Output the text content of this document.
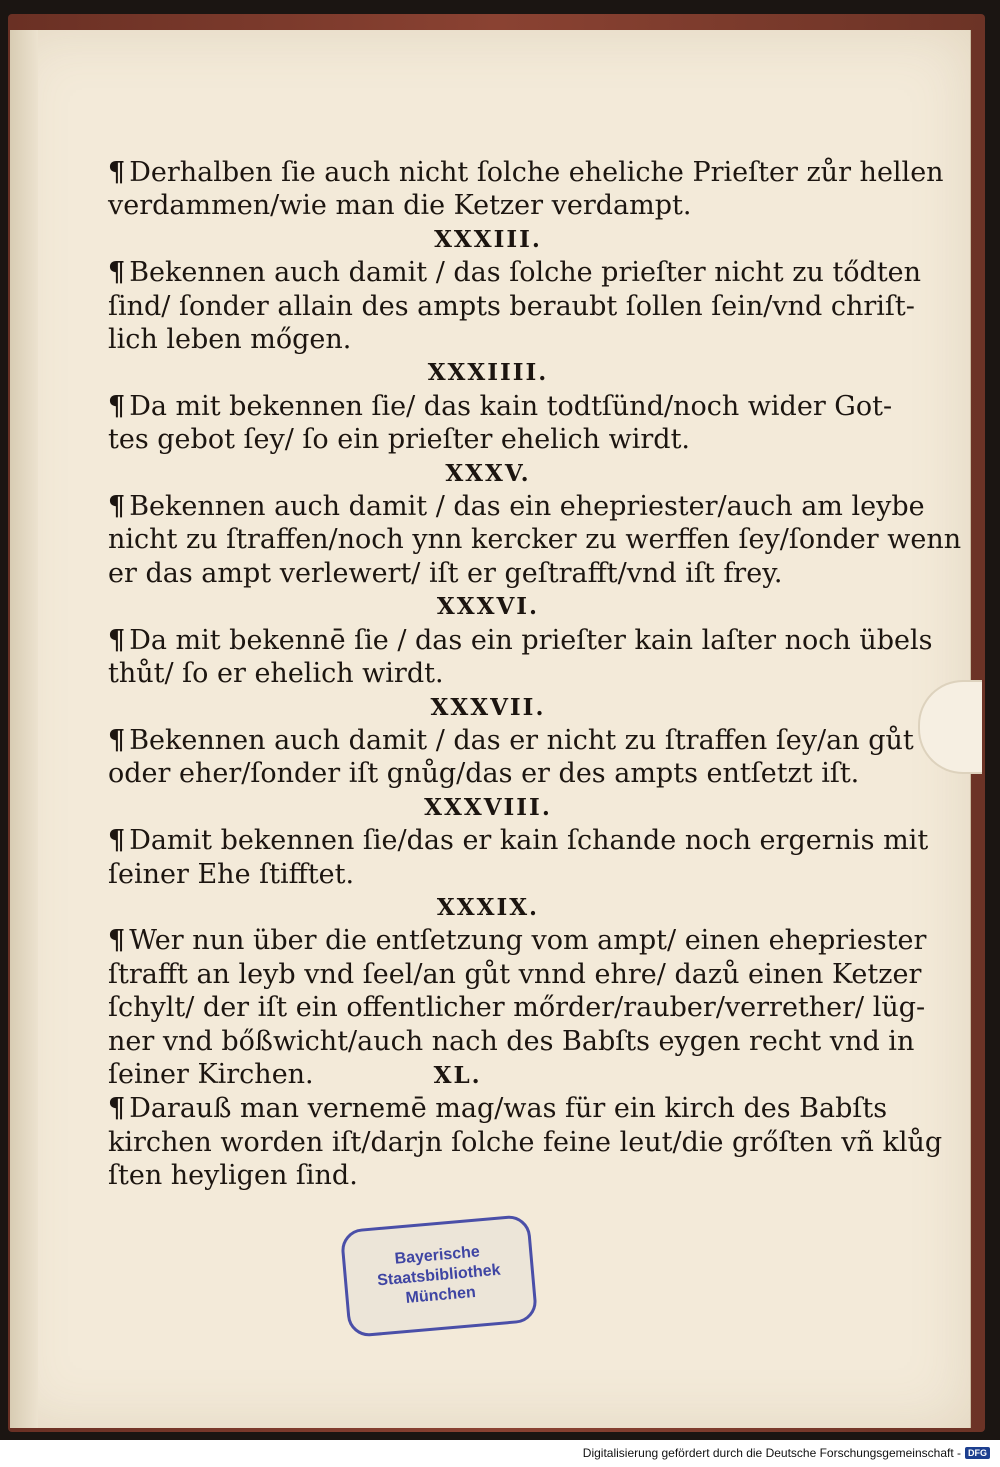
¶ Derhalben ſie auch nicht ſolche eheliche Prieſter zůr hellen
verdammen/wie man die Ketzer verdampt.

XXXIII.

¶ Bekennen auch damit / das ſolche prieſter nicht zu tődten
ſind/ ſonder allain des ampts beraubt ſollen ſein/vnd chriſt-
lich leben mőgen.

XXXIIII.

¶ Da mit bekennen ſie/ das kain todtſünd/noch wider Got-
tes gebot ſey/ ſo ein prieſter ehelich wirdt.

XXXV.

¶ Bekennen auch damit / das ein ehepriester/auch am leybe
nicht zu ſtraffen/noch ynn kercker zu werffen ſey/ſonder wenn
er das ampt verlewert/ iſt er geſtrafft/vnd iſt frey.

XXXVI.

¶ Da mit bekennē ſie / das ein prieſter kain laſter noch übels
thůt/ ſo er ehelich wirdt.

XXXVII.

¶ Bekennen auch damit / das er nicht zu ſtraffen ſey/an gůt
oder eher/ſonder iſt gnůg/das er des ampts entſetzt iſt.

XXXVIII.

¶ Damit bekennen ſie/das er kain ſchande noch ergernis mit
ſeiner Ehe ſtifftet.

XXXIX.

¶ Wer nun über die entſetzung vom ampt/ einen ehepriester
ſtrafft an leyb vnd ſeel/an gůt vnnd ehre/ dazů einen Ketzer
ſchylt/ der iſt ein offentlicher mőrder/rauber/verrether/ lüg-
ner vnd bőßwicht/auch nach des Babſts eygen recht vnd in
ſeiner Kirchen.	XL.

¶ Darauß man vernemē mag/was für ein kirch des Babſts
kirchen worden iſt/darjn ſolche feine leut/die grőſten vñ klůg
ſten heyligen ſind.

Bayerische
Staatsbibliothek
München
Digitalisierung gefördert durch die Deutsche Forschungsgemeinschaft - DFG
